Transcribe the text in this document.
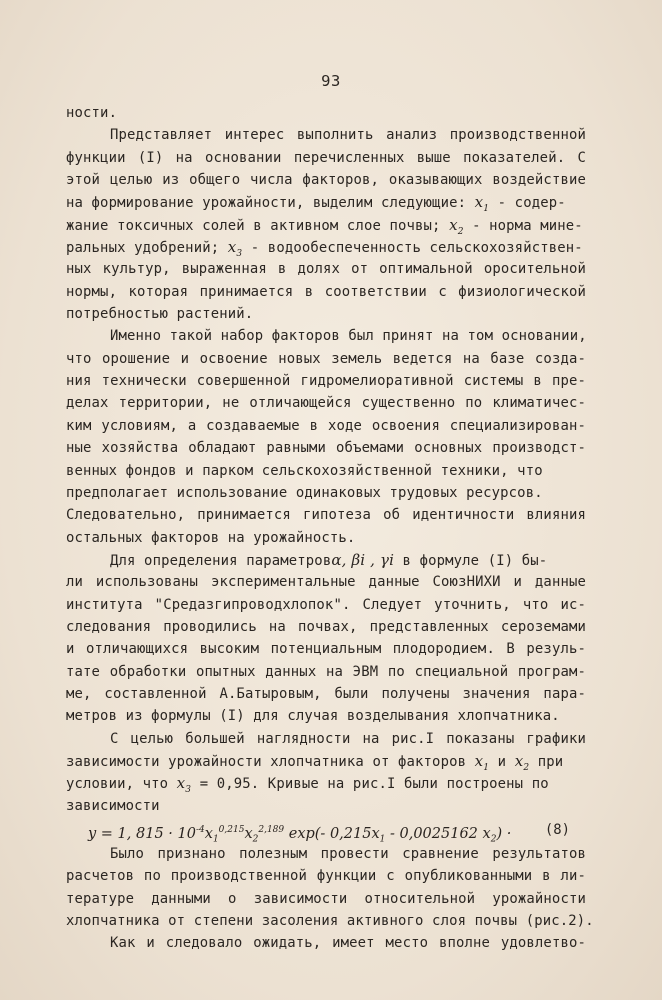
93
ности.
Представляет интерес выполнить анализ производственной
функции (I) на основании перечисленных выше показателей. С
этой целью из общего числа факторов, оказывающих воздействие
на формирование урожайности, выделим следующие: $x_1$ - содер-
жание токсичных солей в активном слое почвы; $x_2$ - норма мине-
ральных удобрений; $x_3$ - водообеспеченность сельскохозяйствен-
ных культур, выраженная в долях от оптимальной оросительной
нормы, которая принимается в соответствии с физиологической
потребностью растений.
Именно такой набор факторов был принят на том основании,
что орошение и освоение новых земель ведется на базе созда-
ния технически совершенной гидромелиоративной системы в пре-
делах территории, не отличающейся существенно по климатичес-
ким условиям, а создаваемые в ходе освоения специализирован-
ные хозяйства обладают равными объемами основных производст-
венных фондов и парком сельскохозяйственной техники, что
предполагает использование одинаковых трудовых ресурсов.
Следовательно, принимается гипотеза об идентичности влияния
остальных факторов на урожайность.
Для определения параметровα, βi , γi в формуле (I) бы-
ли использованы экспериментальные данные СоюзНИХИ и данные
института "Средазгипроводхлопок". Следует уточнить, что ис-
следования проводились на почвах, представленных сероземами
и отличающихся высоким потенциальным плодородием. В резуль-
тате обработки опытных данных на ЭВМ по специальной програм-
ме, составленной А.Батыровым, были получены значения пара-
метров из формулы (I) для случая возделывания хлопчатника.
С целью большей наглядности на рис.I показаны графики
зависимости урожайности хлопчатника от факторов $x_1$ и $x_2$ при
условии, что $x_3 = 0,95$. Кривые на рис.I были построены по
зависимости
y = 1, $815 \cdot 10^{-4}x_1^{0,215}x_2^{2,189}$ exp(- $0,215x_1 - 0,0025162$ $x_2) \cdot (8)$
Было признано полезным провести сравнение результатов
расчетов по производственной функции с опубликованными в ли-
тературе данными о зависимости относительной урожайности
хлопчатника от степени засоления активного слоя почвы (рис.2).
Как и следовало ожидать, имеет место вполне удовлетво-
